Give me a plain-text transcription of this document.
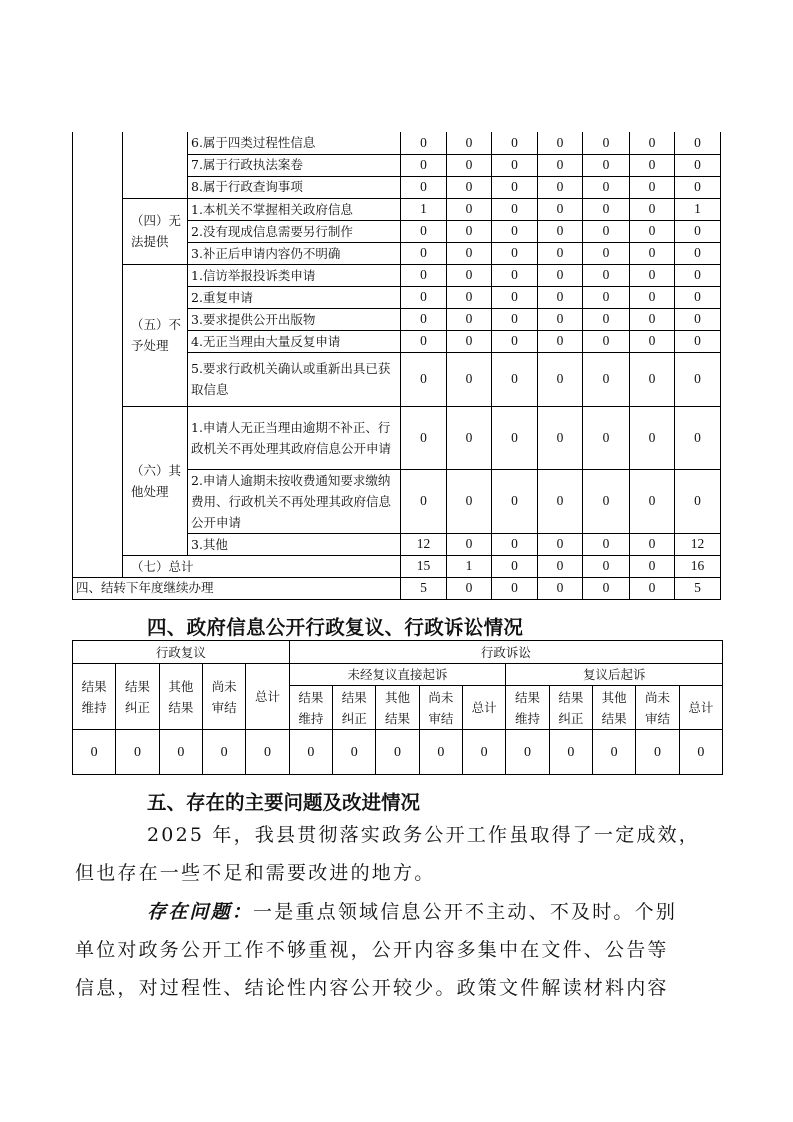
		6.属于四类过程性信息	0	0	0	0	0	0	0
		7.属于行政执法案卷	0	0	0	0	0	0	0
		8.属于行政查询事项	0	0	0	0	0	0	0
	（四）无法提供	1.本机关不掌握相关政府信息	1	0	0	0	0	0	1
		2.没有现成信息需要另行制作	0	0	0	0	0	0	0
		3.补正后申请内容仍不明确	0	0	0	0	0	0	0
	（五）不予处理	1.信访举报投诉类申请	0	0	0	0	0	0	0
		2.重复申请	0	0	0	0	0	0	0
		3.要求提供公开出版物	0	0	0	0	0	0	0
		4.无正当理由大量反复申请	0	0	0	0	0	0	0
		5.要求行政机关确认或重新出具已获取信息	0	0	0	0	0	0	0
	（六）其他处理	1.申请人无正当理由逾期不补正、行政机关不再处理其政府信息公开申请	0	0	0	0	0	0	0
		2.申请人逾期未按收费通知要求缴纳费用、行政机关不再处理其政府信息公开申请	0	0	0	0	0	0	0
		3.其他	12	0	0	0	0	0	12
	（七）总计		15	1	0	0	0	0	16
四、结转下年度继续办理			5	0	0	0	0	0	5
四、政府信息公开行政复议、行政诉讼情况
行政复议					行政诉讼									
结果维持	结果纠正	其他结果	尚未审结	总计	未经复议直接起诉					复议后起诉				
					结果维持	结果纠正	其他结果	尚未审结	总计	结果维持	结果纠正	其他结果	尚未审结	总计
0	0	0	0	0	0	0	0	0	0	0	0	0	0	0
五、存在的主要问题及改进情况
2025 年，我县贯彻落实政务公开工作虽取得了一定成效，
但也存在一些不足和需要改进的地方。
存在问题：一是重点领域信息公开不主动、不及时。个别
单位对政务公开工作不够重视，公开内容多集中在文件、公告等
信息，对过程性、结论性内容公开较少。政策文件解读材料内容
